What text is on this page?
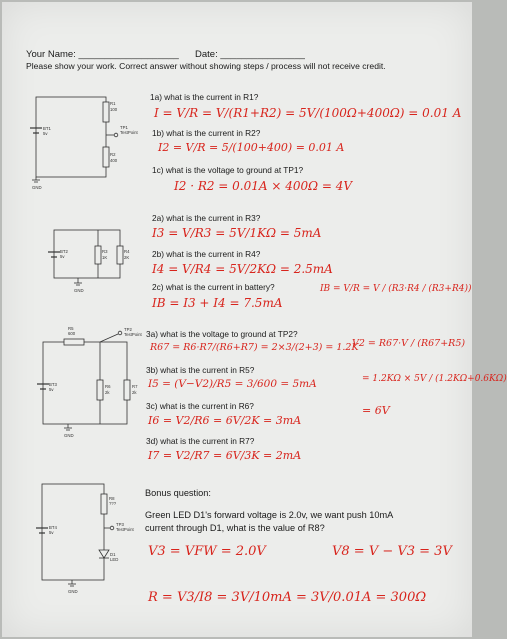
Your Name: ___________________ Date: ________________
Please show your work. Correct answer without showing steps / process will not receive credit.
R1
100
BT1
5v
TP1
TestPoint
R2
400
GND
BT2
5v
R3
1K
R4
2K
GND
R5
600
TP2
TestPoint
BT3
5v
R6
2k
R7
2k
GND
R8
???
BT4
5v
TP3
TestPoint
D1
LED
GND
1a) what is the current in R1?
I = V/R = V/(R1+R2) = 5V/(100Ω+400Ω) = 0.01 A
1b) what is the current in R2?
I2 = V/R = 5/(100+400) = 0.01 A
1c) what is the voltage to ground at TP1?
I2 · R2 = 0.01A × 400Ω = 4V
2a) what is the current in R3?
I3 = V/R3 = 5V/1KΩ = 5mA
2b) what is the current in R4?
I4 = V/R4 = 5V/2KΩ = 2.5mA
2c) what is the current in battery?
IB = I3 + I4 = 7.5mA
IB = V/R = V / (R3·R4 / (R3+R4))
3a) what is the voltage to ground at TP2?
R67 = R6·R7/(R6+R7) = 2×3/(2+3) = 1.2K
V2 = R67·V / (R67+R5)
= 1.2KΩ × 5V / (1.2KΩ+0.6KΩ)
= 6V
3b) what is the current in R5?
I5 = (V−V2)/R5 = 3/600 = 5mA
3c) what is the current in R6?
I6 = V2/R6 = 6V/2K = 3mA
3d) what is the current in R7?
I7 = V2/R7 = 6V/3K = 2mA
Bonus question:
Green LED D1's forward voltage is 2.0v, we want push 10mA
current through D1, what is the value of R8?
V3 = VFW = 2.0V	V8 = V − V3 = 3V
R = V3/I8 = 3V/10mA = 3V/0.01A = 300Ω
